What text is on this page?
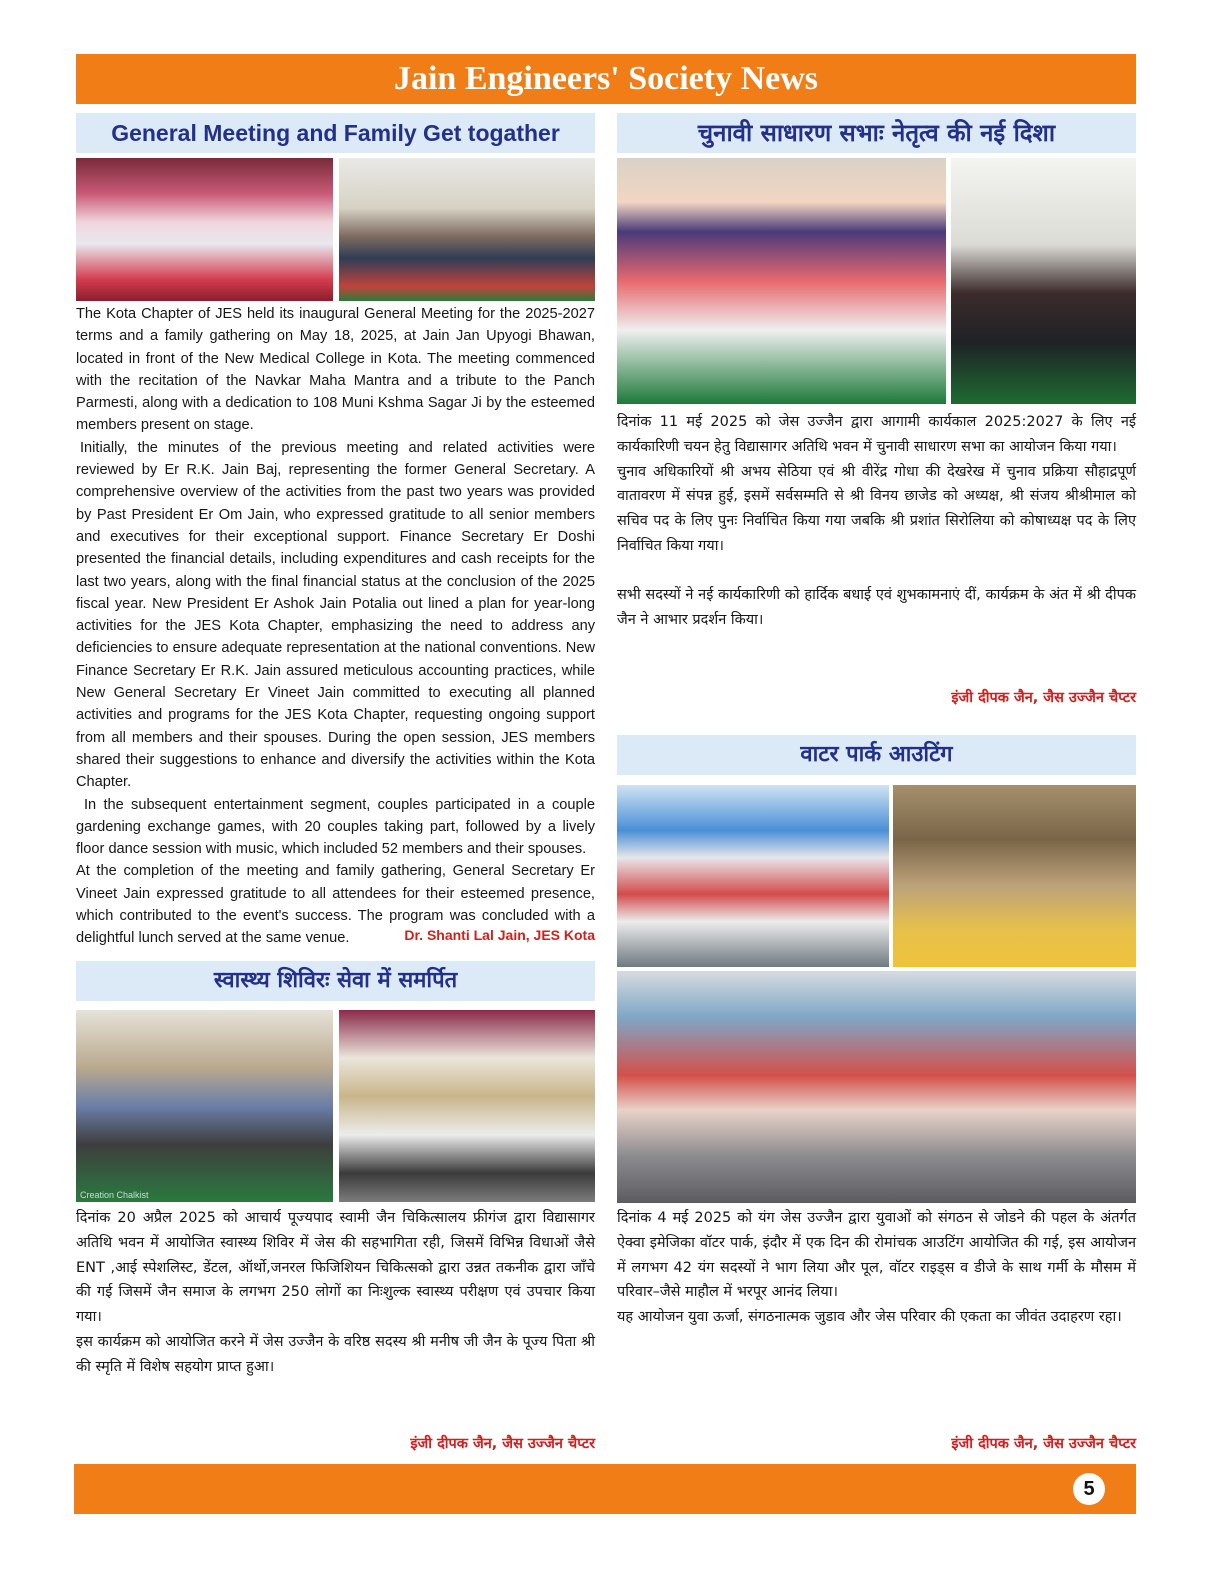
Jain Engineers' Society News
General Meeting and Family Get togather

The Kota Chapter of JES held its inaugural General Meeting for the 2025-2027 terms and a family gathering on May 18, 2025, at Jain Jan Upyogi Bhawan, located in front of the New Medical College in Kota. The meeting commenced with the recitation of the Navkar Maha Mantra and a tribute to the Panch Parmesti, along with a dedication to 108 Muni Kshma Sagar Ji by the esteemed members present on stage.

Initially, the minutes of the previous meeting and related activities were reviewed by Er R.K. Jain Baj, representing the former General Secretary. A comprehensive overview of the activities from the past two years was provided by Past President Er Om Jain, who expressed gratitude to all senior members and executives for their exceptional support. Finance Secretary Er Doshi presented the financial details, including expenditures and cash receipts for the last two years, along with the final financial status at the conclusion of the 2025 fiscal year. New President Er Ashok Jain Potalia out lined a plan for year-long activities for the JES Kota Chapter, emphasizing the need to address any deficiencies to ensure adequate representation at the national conventions. New Finance Secretary Er R.K. Jain assured meticulous accounting practices, while New General Secretary Er Vineet Jain committed to executing all planned activities and programs for the JES Kota Chapter, requesting ongoing support from all members and their spouses. During the open session, JES members shared their suggestions to enhance and diversify the activities within the Kota Chapter.

In the subsequent entertainment segment, couples participated in a couple gardening exchange games, with 20 couples taking part, followed by a lively floor dance session with music, which included 52 members and their spouses.

At the completion of the meeting and family gathering, General Secretary Er Vineet Jain expressed gratitude to all attendees for their esteemed presence, which contributed to the event's success. The program was concluded with a delightful lunch served at the same venue.	Dr. Shanti Lal Jain, JES Kota
स्वास्थ्य शिविरः सेवा में समर्पित
Creation Chalkist

दिनांक 20 अप्रैल 2025 को आचार्य पूज्यपाद स्वामी जैन चिकित्सालय फ्रीगंज द्वारा विद्यासागर अतिथि भवन में आयोजित स्वास्थ्य शिविर में जेस की सहभागिता रही, जिसमें विभिन्न विधाओं जैसे ENT ,आई स्पेशलिस्ट, डेंटल, ऑर्थो,जनरल फिजिशियन चिकित्सको द्वारा उन्नत तकनीक द्वारा जाँचे की गई जिसमें जैन समाज के लगभग 250 लोगों का निःशुल्क स्वास्थ्य परीक्षण एवं उपचार किया गया।

इस कार्यक्रम को आयोजित करने में जेस उज्जैन के वरिष्ठ सदस्य श्री मनीष जी जैन के पूज्य पिता श्री की स्मृति में विशेष सहयोग प्राप्त हुआ।

इंजी दीपक जैन, जैस उज्जैन चैप्टर
चुनावी साधारण सभाः नेतृत्व की नई दिशा

दिनांक 11 मई 2025 को जेस उज्जैन द्वारा आगामी कार्यकाल 2025:2027 के लिए नई कार्यकारिणी चयन हेतु विद्यासागर अतिथि भवन में चुनावी साधारण सभा का आयोजन किया गया।

चुनाव अधिकारियों श्री अभय सेठिया एवं श्री वीरेंद्र गोधा की देखरेख में चुनाव प्रक्रिया सौहाद्रपूर्ण वातावरण में संपन्न हुई, इसमें सर्वसम्मति से श्री विनय छाजेड को अध्यक्ष, श्री संजय श्रीश्रीमाल को सचिव पद के लिए पुनः निर्वाचित किया गया जबकि श्री प्रशांत सिरोलिया को कोषाध्यक्ष पद के लिए निर्वाचित किया गया।

सभी सदस्यों ने नई कार्यकारिणी को हार्दिक बधाई एवं शुभकामनाएं दीं, कार्यक्रम के अंत में श्री दीपक जैन ने आभार प्रदर्शन किया।

इंजी दीपक जैन, जैस उज्जैन चैप्टर
वाटर पार्क आउटिंग

दिनांक 4 मई 2025 को यंग जेस उज्जैन द्वारा युवाओं को संगठन से जोडने की पहल के अंतर्गत ऐक्वा इमेजिका वॉटर पार्क, इंदौर में एक दिन की रोमांचक आउटिंग आयोजित की गई, इस आयोजन में लगभग 42 यंग सदस्यों ने भाग लिया और पूल, वॉटर राइड्स व डीजे के साथ गर्मी के मौसम में परिवार–जैसे माहौल में भरपूर आनंद लिया।

यह आयोजन युवा ऊर्जा, संगठनात्मक जुडाव और जेस परिवार की एकता का जीवंत उदाहरण रहा।

इंजी दीपक जैन, जैस उज्जैन चैप्टर
5
